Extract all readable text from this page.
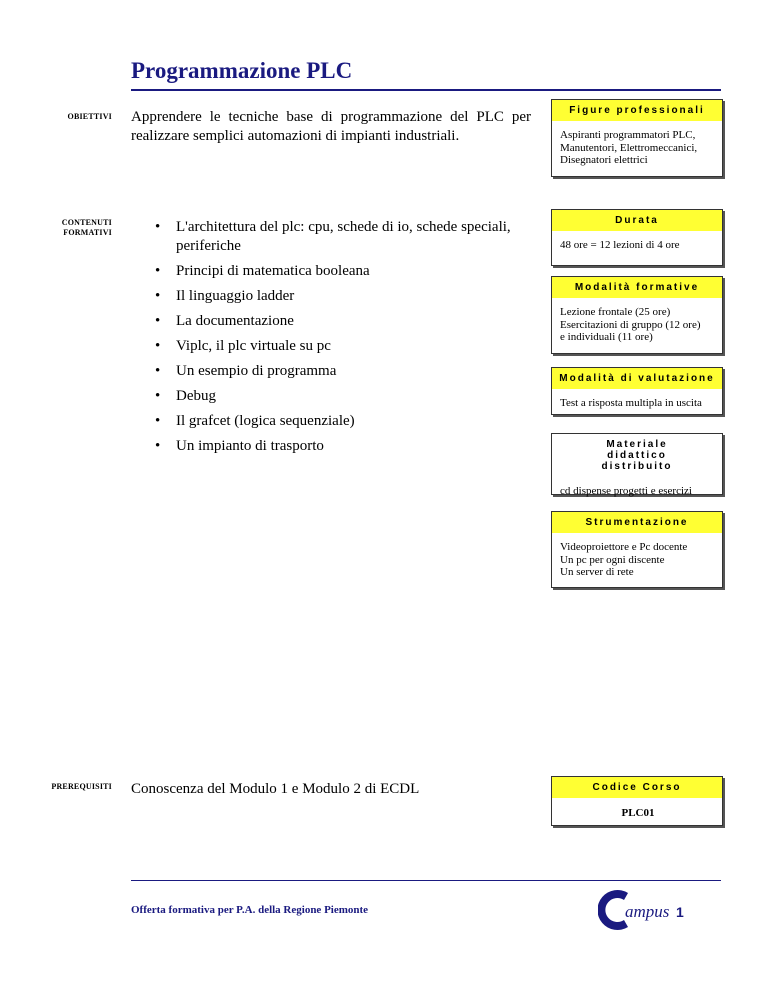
Programmazione PLC
OBIETTIVI Apprendere le tecniche base di programmazione del PLC per realizzare semplici automazioni di impianti industriali.
CONTENUTI
FORMATIVI
•	L'architettura del plc: cpu, schede di io, schede speciali, periferiche
• Principi di matematica booleana
• Il linguaggio ladder
• La documentazione
• Viplc, il plc virtuale su pc
• Un esempio di programma
• Debug
• Il grafcet (logica sequenziale)
• Un impianto di trasporto
PREREQUISITI Conoscenza del Modulo 1 e Modulo 2 di ECDL
Figure professionali
Aspiranti programmatori PLC,
Manutentori, Elettromeccanici,
Disegnatori elettrici
Durata
48 ore = 12 lezioni di 4 ore
Modalità formative
Lezione frontale (25 ore)
Esercitazioni di gruppo (12 ore)
e individuali (11 ore)
Modalità di valutazione
Test a risposta multipla in uscita
Materiale didattico distribuito
cd dispense progetti e esercizi
Strumentazione
Videoproiettore e Pc docente
Un pc per ogni discente
Un server di rete
Codice Corso
PLC01
Offerta formativa per P.A. della Regione Piemonte	ampus 1
